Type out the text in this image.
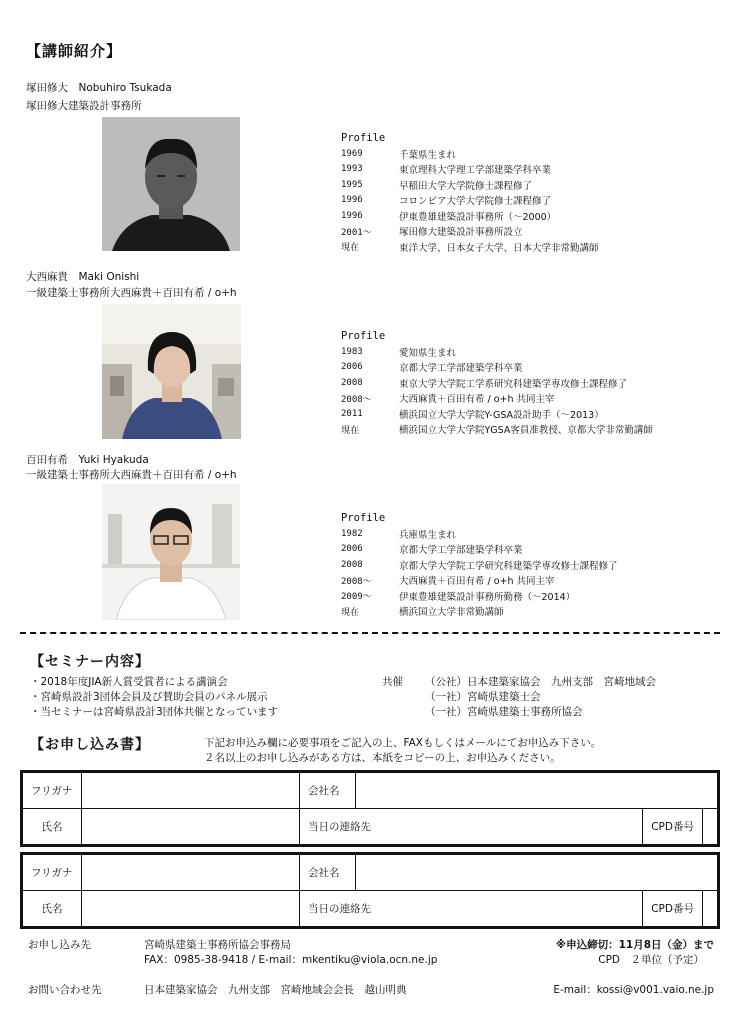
【講師紹介】
塚田修大　Nobuhiro Tsukada
塚田修大建築設計事務所
Profile
1969	千葉県生まれ
1993	東京理科大学理工学部建築学科卒業
1995	早稲田大学大学院修士課程修了
1996	コロンビア大学大学院修士課程修了
1996	伊東豊雄建築設計事務所（～2000）
2001～	塚田修大建築設計事務所設立
現在	東洋大学、日本女子大学、日本大学非常勤講師
大西麻貴　Maki Onishi
一級建築士事務所大西麻貴＋百田有希 / o+h
Profile
1983	愛知県生まれ
2006	京都大学工学部建築学科卒業
2008	東京大学大学院工学系研究科建築学専攻修士課程修了
2008～	大西麻貴＋百田有希 / o+h 共同主宰
2011	横浜国立大学大学院Y-GSA設計助手（～2013）
現在	横浜国立大学大学院YGSA客員准教授、京都大学非常勤講師
百田有希　Yuki Hyakuda
一級建築士事務所大西麻貴＋百田有希 / o+h
Profile
1982	兵庫県生まれ
2006	京都大学工学部建築学科卒業
2008	京都大学大学院工学研究科建築学専攻修士課程修了
2008～	大西麻貴＋百田有希 / o+h 共同主宰
2009～	伊東豊雄建築設計事務所勤務（～2014）
現在	横浜国立大学非常勤講師
【セミナー内容】
・2018年度JIA新人賞受賞者による講演会
・宮崎県設計3団体会員及び賛助会員のパネル展示
・当セミナーは宮崎県設計3団体共催となっています
共催 （公社）日本建築家協会　九州支部　宮崎地域会
（一社）宮崎県建築士会
（一社）宮崎県建築士事務所協会
【お申し込み書】	下記お申込み欄に必要事項をご記入の上、FAXもしくはメールにてお申込み下さい。
２名以上のお申し込みがある方は、本紙をコピーの上、お申込みください。
フリガナ		会社名			
氏名		当日の連絡先		CPD番号	
フリガナ		会社名			
氏名		当日の連絡先		CPD番号	
お申し込み先	宮崎県建築士事務所協会事務局
FAX：0985-38-9418 / E-mail：mkentiku@viola.ocn.ne.jp
※申込締切：11月8日（金）まで
CPD　２単位（予定）
お問い合わせ先	日本建築家協会　九州支部　宮崎地域会会長　越山明典	E-mail：kossi@v001.vaio.ne.jp
